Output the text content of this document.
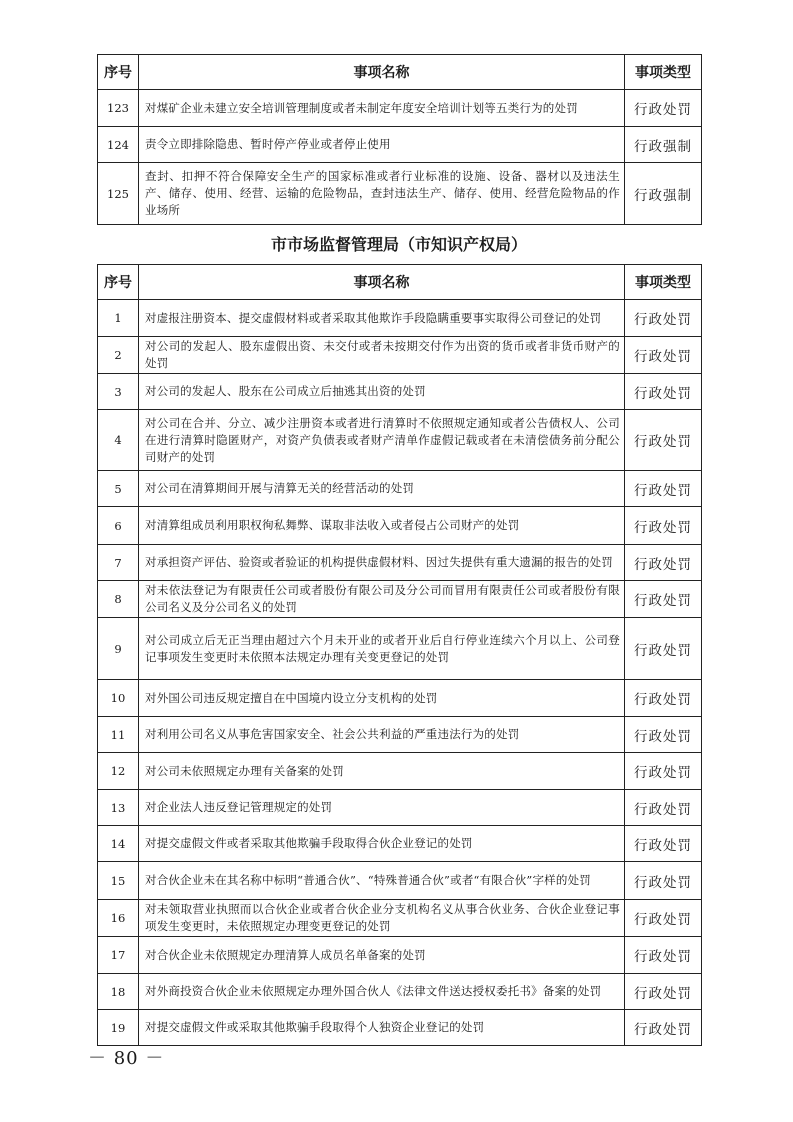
序号	事项名称	事项类型
123	对煤矿企业未建立安全培训管理制度或者未制定年度安全培训计划等五类行为的处罚	行政处罚
124	责令立即排除隐患、暂时停产停业或者停止使用	行政强制
125	查封、扣押不符合保障安全生产的国家标准或者行业标准的设施、设备、器材以及违法生产、储存、使用、经营、运输的危险物品，查封违法生产、储存、使用、经营危险物品的作业场所	行政强制
市市场监督管理局（市知识产权局）
序号	事项名称	事项类型
1	对虚报注册资本、提交虚假材料或者采取其他欺诈手段隐瞒重要事实取得公司登记的处罚	行政处罚
2	对公司的发起人、股东虚假出资、未交付或者未按期交付作为出资的货币或者非货币财产的处罚	行政处罚
3	对公司的发起人、股东在公司成立后抽逃其出资的处罚	行政处罚
4	对公司在合并、分立、减少注册资本或者进行清算时不依照规定通知或者公告债权人、公司在进行清算时隐匿财产，对资产负债表或者财产清单作虚假记载或者在未清偿债务前分配公司财产的处罚	行政处罚
5	对公司在清算期间开展与清算无关的经营活动的处罚	行政处罚
6	对清算组成员利用职权徇私舞弊、谋取非法收入或者侵占公司财产的处罚	行政处罚
7	对承担资产评估、验资或者验证的机构提供虚假材料、因过失提供有重大遗漏的报告的处罚	行政处罚
8	对未依法登记为有限责任公司或者股份有限公司及分公司而冒用有限责任公司或者股份有限公司名义及分公司名义的处罚	行政处罚
9	对公司成立后无正当理由超过六个月未开业的或者开业后自行停业连续六个月以上、公司登记事项发生变更时未依照本法规定办理有关变更登记的处罚	行政处罚
10	对外国公司违反规定擅自在中国境内设立分支机构的处罚	行政处罚
11	对利用公司名义从事危害国家安全、社会公共利益的严重违法行为的处罚	行政处罚
12	对公司未依照规定办理有关备案的处罚	行政处罚
13	对企业法人违反登记管理规定的处罚	行政处罚
14	对提交虚假文件或者采取其他欺骗手段取得合伙企业登记的处罚	行政处罚
15	对合伙企业未在其名称中标明“普通合伙”、“特殊普通合伙”或者“有限合伙”字样的处罚	行政处罚
16	对未领取营业执照而以合伙企业或者合伙企业分支机构名义从事合伙业务、合伙企业登记事项发生变更时，未依照规定办理变更登记的处罚	行政处罚
17	对合伙企业未依照规定办理清算人成员名单备案的处罚	行政处罚
18	对外商投资合伙企业未依照规定办理外国合伙人《法律文件送达授权委托书》备案的处罚	行政处罚
19	对提交虚假文件或采取其他欺骗手段取得个人独资企业登记的处罚	行政处罚
－ 80 －
